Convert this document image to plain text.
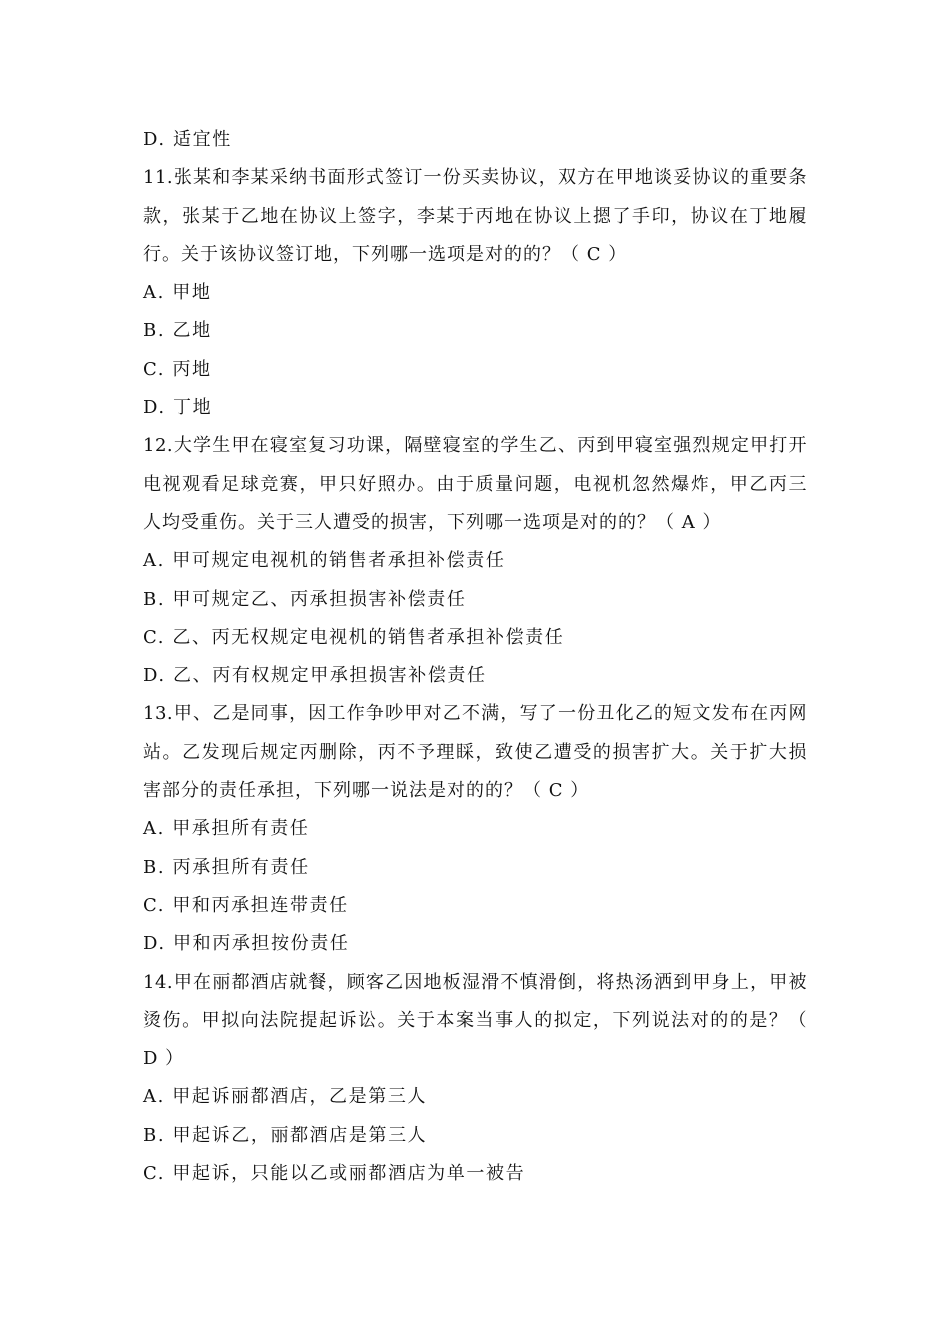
D. 适宜性
11.张某和李某采纳书面形式签订一份买卖协议，双方在甲地谈妥协议的重要条
款，张某于乙地在协议上签字，李某于丙地在协议上摁了手印，协议在丁地履
行。关于该协议签订地，下列哪一选项是对的的？（ C ）
A. 甲地
B. 乙地
C. 丙地
D. 丁地
12.大学生甲在寝室复习功课，隔壁寝室的学生乙、丙到甲寝室强烈规定甲打开
电视观看足球竞赛，甲只好照办。由于质量问题，电视机忽然爆炸，甲乙丙三
人均受重伤。关于三人遭受的损害，下列哪一选项是对的的？（ A ）
A. 甲可规定电视机的销售者承担补偿责任
B. 甲可规定乙、丙承担损害补偿责任
C. 乙、丙无权规定电视机的销售者承担补偿责任
D. 乙、丙有权规定甲承担损害补偿责任
13.甲、乙是同事，因工作争吵甲对乙不满，写了一份丑化乙的短文发布在丙网
站。乙发现后规定丙删除，丙不予理睬，致使乙遭受的损害扩大。关于扩大损
害部分的责任承担，下列哪一说法是对的的？（ C ）
A. 甲承担所有责任
B. 丙承担所有责任
C. 甲和丙承担连带责任
D. 甲和丙承担按份责任
14.甲在丽都酒店就餐，顾客乙因地板湿滑不慎滑倒，将热汤洒到甲身上，甲被
烫伤。甲拟向法院提起诉讼。关于本案当事人的拟定，下列说法对的的是？（
D ）
A. 甲起诉丽都酒店，乙是第三人
B. 甲起诉乙，丽都酒店是第三人
C. 甲起诉，只能以乙或丽都酒店为单一被告
